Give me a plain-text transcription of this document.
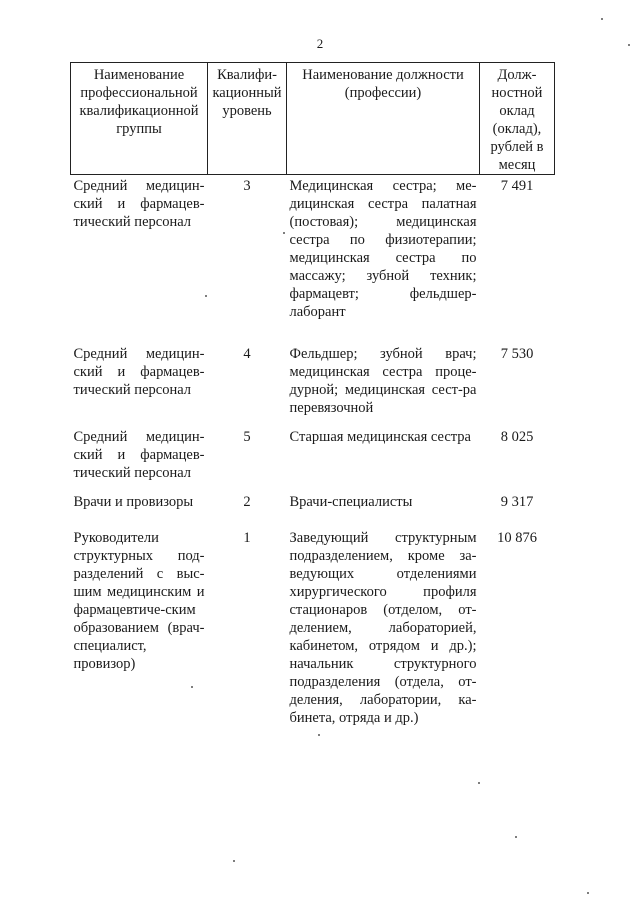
2
Наименование профессиональной квалификационной группы	Квалифи-кационный уровень	Наименование должности (профессии)	Долж-ностной оклад (оклад), рублей в месяц
Средний медицин-ский и фармацев-тический персонал	3	Медицинская сестра; ме-дицинская сестра палатная (постовая); медицинская сестра по физиотерапии; медицинская сестра по массажу; зубной техник; фармацевт; фельдшер-лаборант	7 491
Средний медицин-ский и фармацев-тический персонал	4	Фельдшер; зубной врач; медицинская сестра проце-дурной; медицинская сест-ра перевязочной	7 530
Средний медицин-ский и фармацев-тический персонал	5	Старшая медицинская сестра	8 025
Врачи и провизоры	2	Врачи-специалисты	9 317
Руководители структурных под-разделений с выс-шим медицинским и фармацевтиче-ским образованием (врач-специалист, провизор)	1	Заведующий структурным подразделением, кроме за-ведующих отделениями хирургического профиля стационаров (отделом, от-делением, лабораторией, кабинетом, отрядом и др.); начальник структурного подразделения (отдела, от-деления, лаборатории, ка-бинета, отряда и др.)	10 876
